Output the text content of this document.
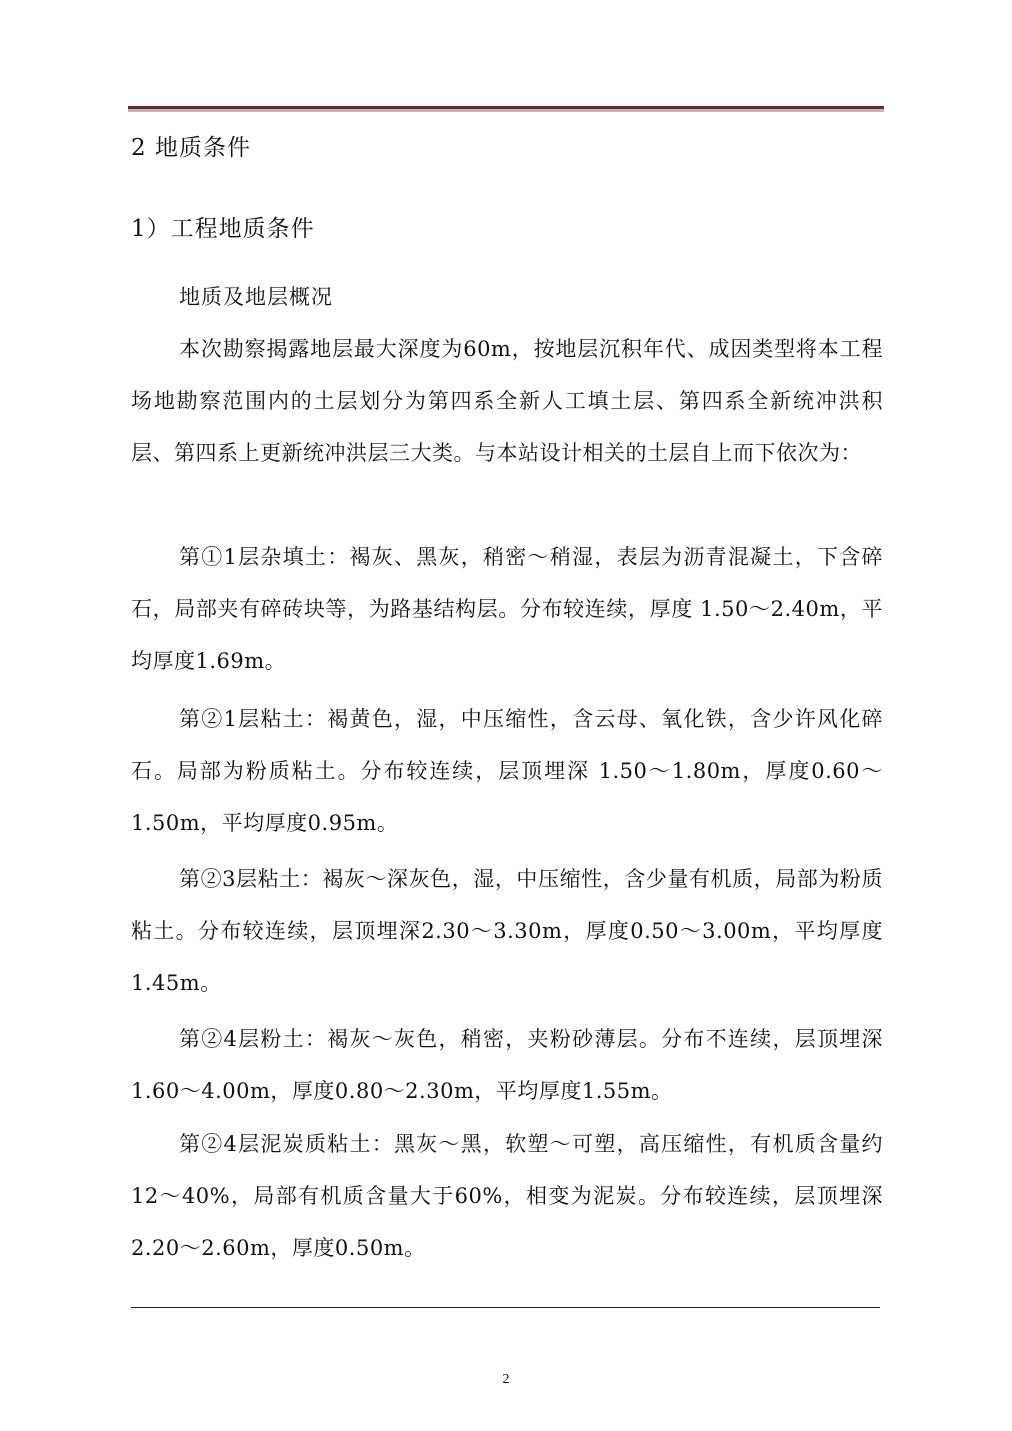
2 地质条件
1）工程地质条件
地质及地层概况

本次勘察揭露地层最大深度为60m，按地层沉积年代、成因类型将本工程场地勘察范围内的土层划分为第四系全新人工填土层、第四系全新统冲洪积层、第四系上更新统冲洪层三大类。与本站设计相关的土层自上而下依次为：

第①1层杂填土：褐灰、黑灰，稍密～稍湿，表层为沥青混凝土，下含碎石，局部夹有碎砖块等，为路基结构层。分布较连续，厚度 1.50～2.40m，平均厚度1.69m。

第②1层粘土：褐黄色，湿，中压缩性，含云母、氧化铁，含少许风化碎石。局部为粉质粘土。分布较连续，层顶埋深 1.50～1.80m，厚度0.60～1.50m，平均厚度0.95m。

第②3层粘土：褐灰～深灰色，湿，中压缩性，含少量有机质，局部为粉质粘土。分布较连续，层顶埋深2.30～3.30m，厚度0.50～3.00m，平均厚度1.45m。

第②4层粉土：褐灰～灰色，稍密，夹粉砂薄层。分布不连续，层顶埋深1.60～4.00m，厚度0.80～2.30m，平均厚度1.55m。

第②4层泥炭质粘土：黑灰～黑，软塑～可塑，高压缩性，有机质含量约12～40%，局部有机质含量大于60%，相变为泥炭。分布较连续，层顶埋深2.20～2.60m，厚度0.50m。

2
